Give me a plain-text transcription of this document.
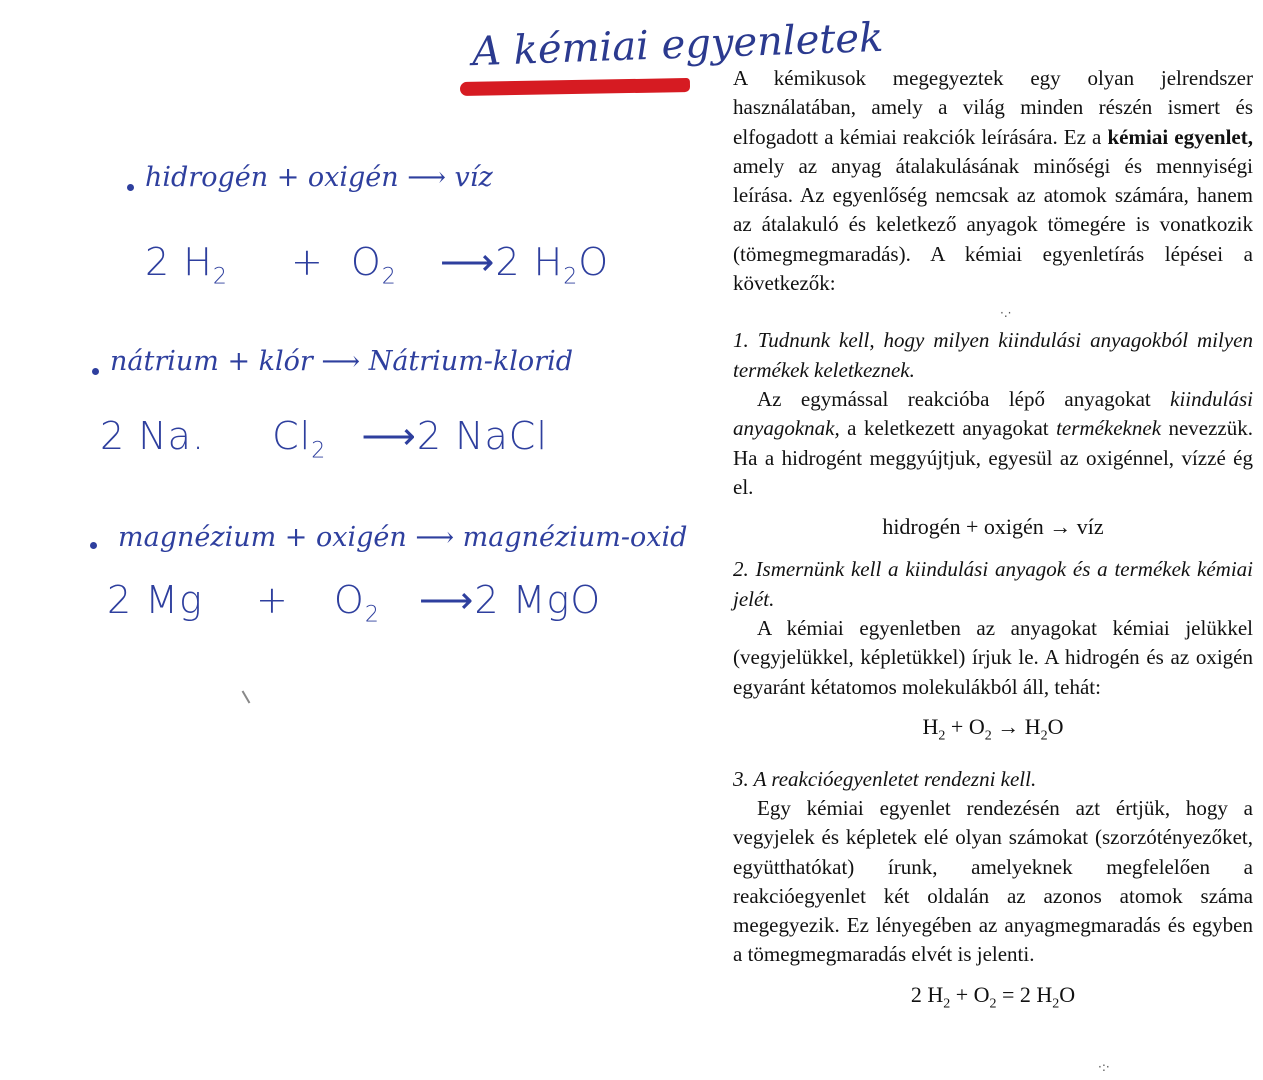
A kémiai egyenletek
hidrogén + oxigén ⟶ víz
2 $H_2 + O_2$ ⟶2 $H_2O$
nátrium + klór ⟶ Nátrium-klorid
2 Na. $Cl_2$ ⟶2 NaCl
magnézium + oxigén ⟶ magnézium-oxid
2 $Mg + O_2$ ⟶2 MgO

A kémikusok megegyeztek egy olyan jelrendszer használatában, amely a világ minden részén ismert és elfogadott a kémiai reakciók leírására. Ez a kémiai egyenlet, amely az anyag átalakulásának minőségi és mennyiségi leírása. Az egyenlőség nemcsak az atomok számára, hanem az átalakuló és keletkező anyagok tömegére is vonatkozik (tömegmegmaradás). A kémiai egyenletírás lépései a következők:

1. Tudnunk kell, hogy milyen kiindulási anyagokból milyen termékek keletkeznek.

Az egymással reakcióba lépő anyagokat kiindulási anyagoknak, a keletkezett anyagokat termékeknek nevezzük. Ha a hidrogént meggyújtjuk, egyesül az oxigénnel, vízzé ég el.

hidrogén + oxigén → víz

2. Ismernünk kell a kiindulási anyagok és a termékek kémiai jelét.

A kémiai egyenletben az anyagokat kémiai jelükkel (vegyjelükkel, képletükkel) írjuk le. A hidrogén és az oxigén egyaránt kétatomos molekulákból áll, tehát:

$H_2 + O_2 \to H_2O$

3. A reakcióegyenletet rendezni kell.

Egy kémiai egyenlet rendezésén azt értjük, hogy a vegyjelek és képletek elé olyan számokat (szorzótényezőket, együtthatókat) írunk, amelyeknek megfelelően a reakcióegyenlet két oldalán az azonos atomok száma megegyezik. Ez lényegében az anyagmegmaradás és egyben a tömegmegmaradás elvét is jelenti.

2 $H_2 + O_2 = 2$ $H_2O$

·.·
·:·
